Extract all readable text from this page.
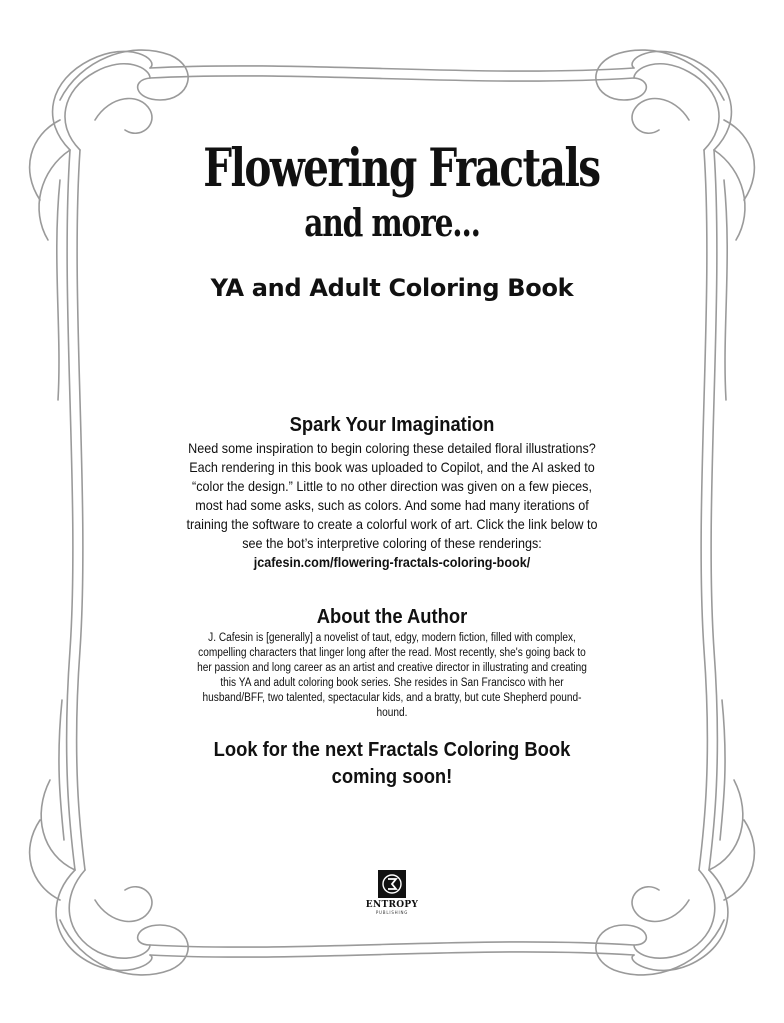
Flowering Fractals
and more...
YA and Adult Coloring Book
Spark Your Imagination

Need some inspiration to begin coloring these detailed floral illustrations? Each rendering in this book was uploaded to Copilot, and the AI asked to “color the design.” Little to no other direction was given on a few pieces, most had some asks, such as colors. And some had many iterations of training the software to create a colorful work of art. Click the link below to see the bot’s interpretive coloring of these renderings:
jcafesin.com/flowering-fractals-coloring-book/

About the Author

J. Cafesin is [generally] a novelist of taut, edgy, modern fiction, filled with complex, compelling characters that linger long after the read. Most recently, she's going back to her passion and long career as an artist and creative director in illustrating and creating this YA and adult coloring book series. She resides in San Francisco with her husband/BFF, two talented, spectacular kids, and a bratty, but cute Shepherd pound-hound.

Look for the next Fractals Coloring Book

coming soon!

ENTROPY
PUBLISHING
